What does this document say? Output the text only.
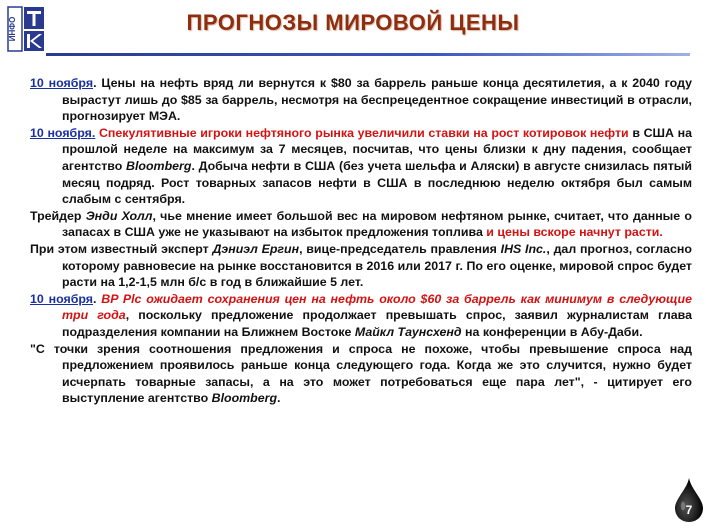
ИНФО	ПРОГНОЗЫ МИРОВОЙ ЦЕНЫ

10 ноября. Цены на нефть вряд ли вернутся к $80 за баррель раньше конца десятилетия, а к 2040 году вырастут лишь до $85 за баррель, несмотря на беспрецедентное сокращение инвестиций в отрасли, прогнозирует МЭА.

10 ноября. Спекулятивные игроки нефтяного рынка увеличили ставки на рост котировок нефти в США на прошлой неделе на максимум за 7 месяцев, посчитав, что цены близки к дну падения, сообщает агентство Bloomberg. Добыча нефти в США (без учета шельфа и Аляски) в августе снизилась пятый месяц подряд. Рост товарных запасов нефти в США в последнюю неделю октября был самым слабым с сентября.

Трейдер Энди Холл, чье мнение имеет большой вес на мировом нефтяном рынке, считает, что данные о запасах в США уже не указывают на избыток предложения топлива и цены вскоре начнут расти.

При этом известный эксперт Дэниэл Ергин, вице-председатель правления IHS Inc., дал прогноз, согласно которому равновесие на рынке восстановится в 2016 или 2017 г. По его оценке, мировой спрос будет расти на 1,2-1,5 млн б/с в год в ближайшие 5 лет.

10 ноября. BP Plc ожидает сохранения цен на нефть около $60 за баррель как минимум в следующие три года, поскольку предложение продолжает превышать спрос, заявил журналистам глава подразделения компании на Ближнем Востоке Майкл Таунсхенд на конференции в Абу-Даби.

"С точки зрения соотношения предложения и спроса не похоже, чтобы превышение спроса над предложением проявилось раньше конца следующего года. Когда же это случится, нужно будет исчерпать товарные запасы, а на это может потребоваться еще пара лет", - цитирует его выступление агентство Bloomberg.

7
